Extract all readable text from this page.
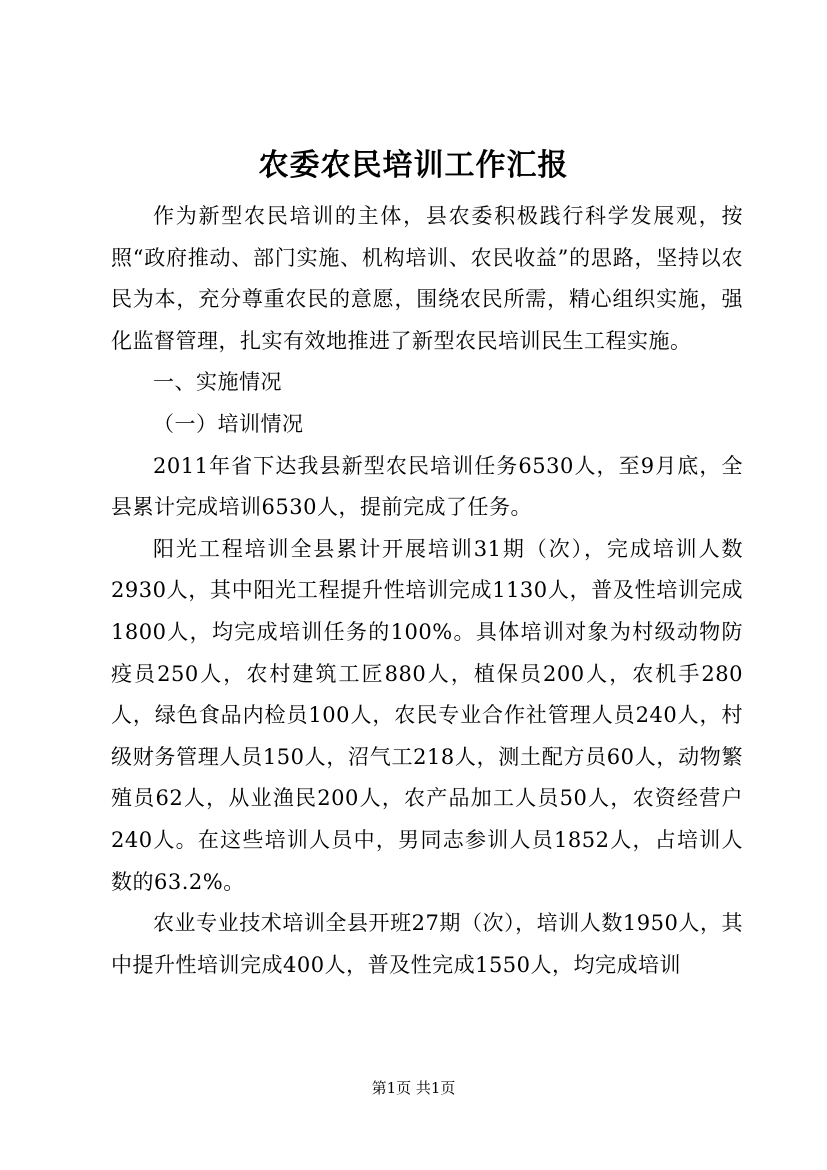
农委农民培训工作汇报

作为新型农民培训的主体，县农委积极践行科学发展观，按照“政府推动、部门实施、机构培训、农民收益”的思路，坚持以农民为本，充分尊重农民的意愿，围绕农民所需，精心组织实施，强化监督管理，扎实有效地推进了新型农民培训民生工程实施。

一、实施情况

（一）培训情况

2011年省下达我县新型农民培训任务6530人，至9月底，全县累计完成培训6530人，提前完成了任务。

阳光工程培训全县累计开展培训31期（次），完成培训人数2930人，其中阳光工程提升性培训完成1130人，普及性培训完成1800人，均完成培训任务的100%。具体培训对象为村级动物防疫员250人，农村建筑工匠880人，植保员200人，农机手280人，绿色食品内检员100人，农民专业合作社管理人员240人，村级财务管理人员150人，沼气工218人，测土配方员60人，动物繁殖员62人，从业渔民200人，农产品加工人员50人，农资经营户240人。在这些培训人员中，男同志参训人员1852人，占培训人数的63.2%。

农业专业技术培训全县开班27期（次），培训人数1950人，其中提升性培训完成400人，普及性完成1550人，均完成培训

第1页 共1页
